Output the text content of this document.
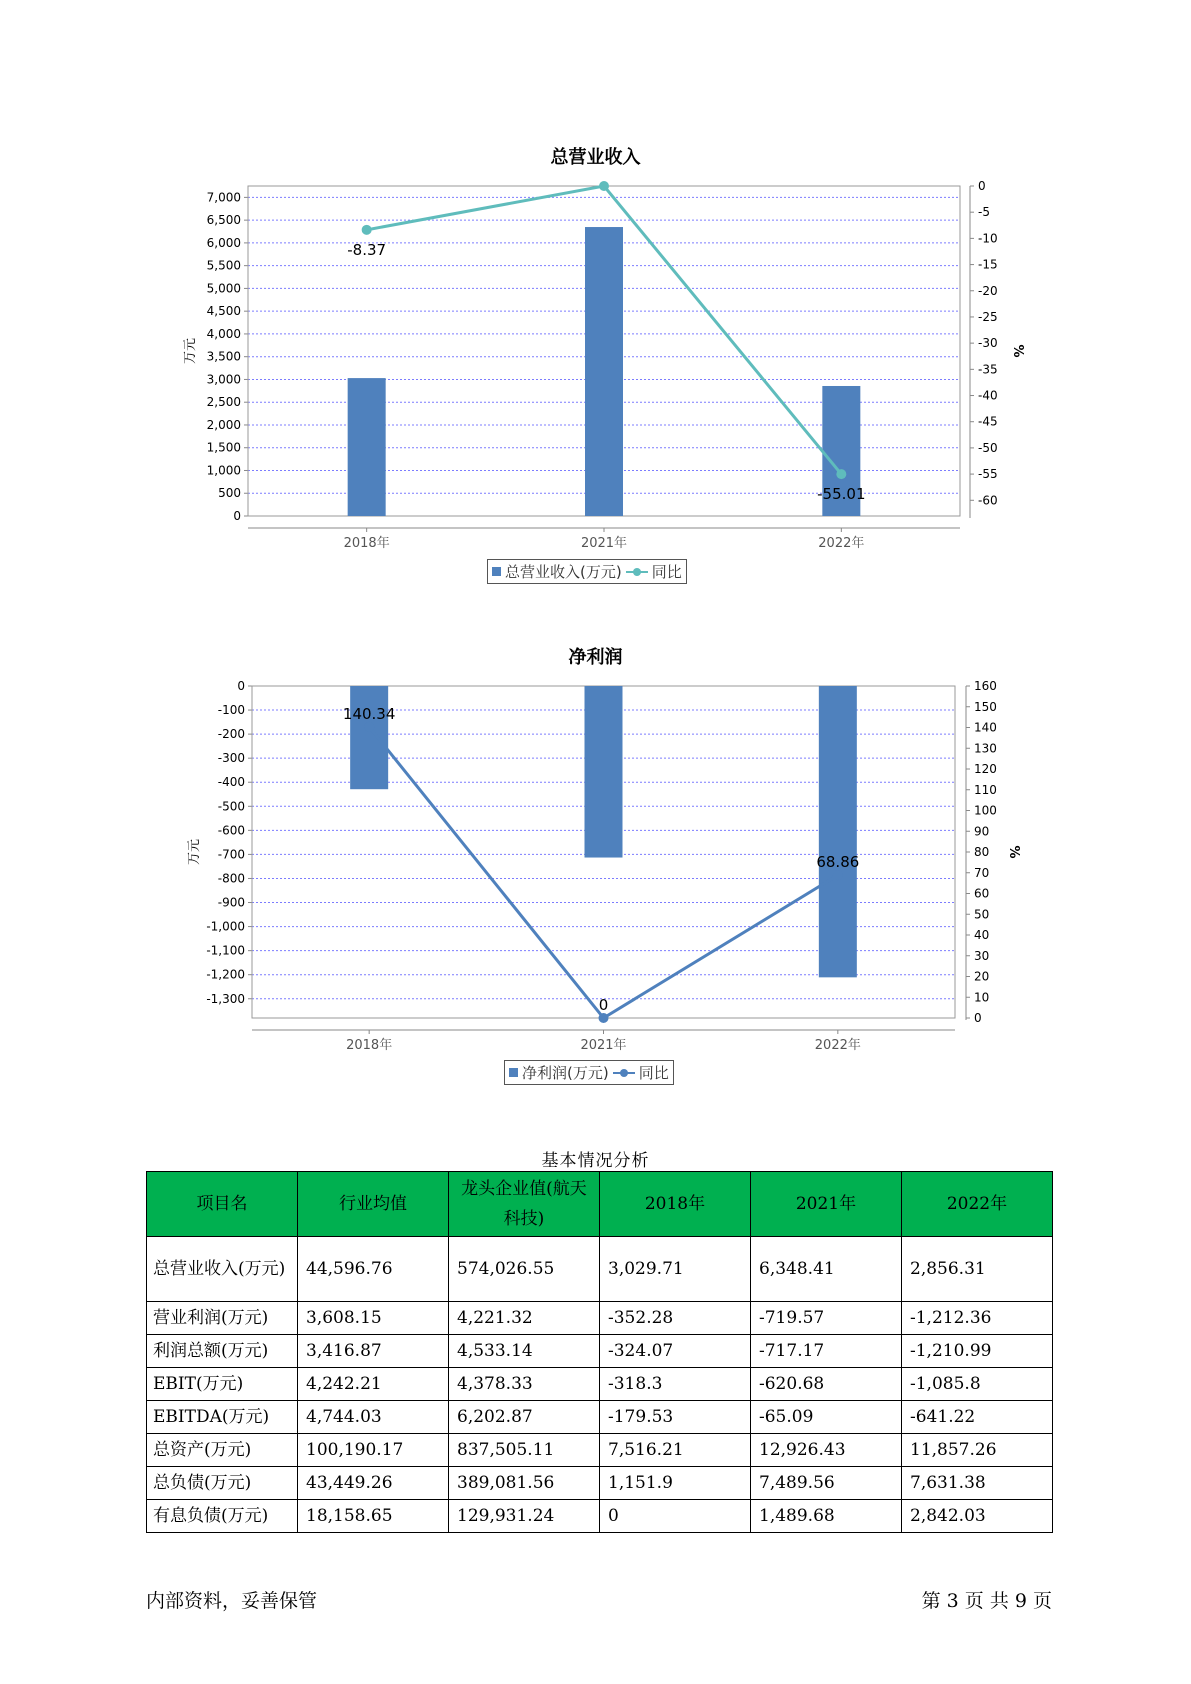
总营业收入
0
500
1,000
1,500
2,000
2,500
3,000
3,500
4,000
4,500
5,000
5,500
6,000
6,500
7,000
0
-5
-10
-15
-20
-25
-30
-35
-40
-45
-50
-55
-60
2018年	2021年	2022年
万元	%
-8.37
-55.01
总营业收入(万元) 同比
净利润
0
-100
-200
-300
-400
-500
-600
-700
-800
-900
-1,000
-1,100
-1,200
-1,300
0
10
20
30
40
50
60
70
80
90
100
110
120
130
140
150
160
2018年	2021年	2022年
万元	%
140.34
0
68.86
净利润(万元) 同比
基本情况分析
项目名	行业均值	龙头企业值(航天科技)	2018年	2021年	2022年
总营业收入(万元)	44,596.76	574,026.55	3,029.71	6,348.41	2,856.31
营业利润(万元)	3,608.15	4,221.32	-352.28	-719.57	-1,212.36
利润总额(万元)	3,416.87	4,533.14	-324.07	-717.17	-1,210.99
EBIT(万元)	4,242.21	4,378.33	-318.3	-620.68	-1,085.8
EBITDA(万元)	4,744.03	6,202.87	-179.53	-65.09	-641.22
总资产(万元)	100,190.17	837,505.11	7,516.21	12,926.43	11,857.26
总负债(万元)	43,449.26	389,081.56	1,151.9	7,489.56	7,631.38
有息负债(万元)	18,158.65	129,931.24	0	1,489.68	2,842.03
内部资料，妥善保管	第 3 页 共 9 页
